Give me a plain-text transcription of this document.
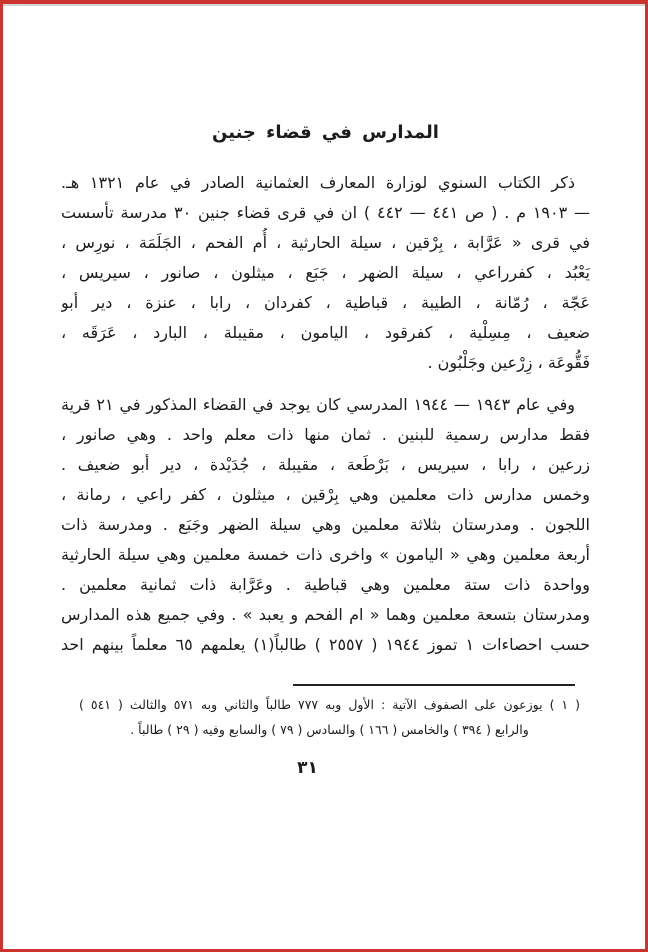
المدارس في قضاء جنين
ذكر الكتاب السنوي لوزارة المعارف العثمانية الصادر في عام ١٣٢١ هـ.
— ١٩٠٣ م . ( ص ٤٤١ — ٤٤٢ ) ان في قرى قضاء جنين ٣٠ مدرسة تأسست
في قرى « عَرَّابة ، بِرْقين ، سيلة الحارثية ، أُم الفحم ، الجَلَمَة ، نورِس ،
يَعْبُد ، كفرراعي ، سيلة الضهر ، جَبَع ، ميثلون ، صانور ، سيريس ،
عَجّة ، رُمّانة ، الطيبة ، قباطية ، كفردان ، رابا ، عنزة ، دير أبو
ضعيف ، مِسِلْية ، كفرقود ، اليامون ، مقيبلة ، البارد ، عَرَقَه ،
فَقُّوعَة ، زِرْعين وجَلْبُون .
وفي عام ١٩٤٣ — ١٩٤٤ المدرسي كان يوجد في القضاء المذكور في ٢١ قرية
فقط مدارس رسمية للبنين . ثمان منها ذات معلم واحد . وهي صانور ،
زرعين ، رابا ، سيريس ، بَرْطَعة ، مقيبلة ، جُدَيْدة ، دير أبو ضعيف .
وخمس مدارس ذات معلمين وهي بِرْقين ، ميثلون ، كفر راعي ، رمانة ،
اللجون . ومدرستان بثلاثة معلمين وهي سيلة الضهر وجَبَع . ومدرسة ذات
أربعة معلمين وهي « اليامون » واخرى ذات خمسة معلمين وهي سيلة الحارثية
وواحدة ذات ستة معلمين وهي قباطية . وعَرَّابة ذات ثمانية معلمين .
ومدرستان بتسعة معلمين وهما « ام الفحم و يعبد » . وفي جميع هذه المدارس
حسب احصاءات ١ تموز ١٩٤٤ ( ٢٥٥٧ ) طالباً(١) يعلمهم ٦٥ معلماً بينهم احد
( ١ ) يوزعون على الصفوف الآتية : الأول وبه ٧٧٧ طالباً والثاني وبه ٥٧١ والثالث ( ٥٤١ )
والرابع ( ٣٩٤ ) والخامس ( ١٦٦ ) والسادس ( ٧٩ ) والسابع وفيه ( ٢٩ ) طالباً .
٣١
